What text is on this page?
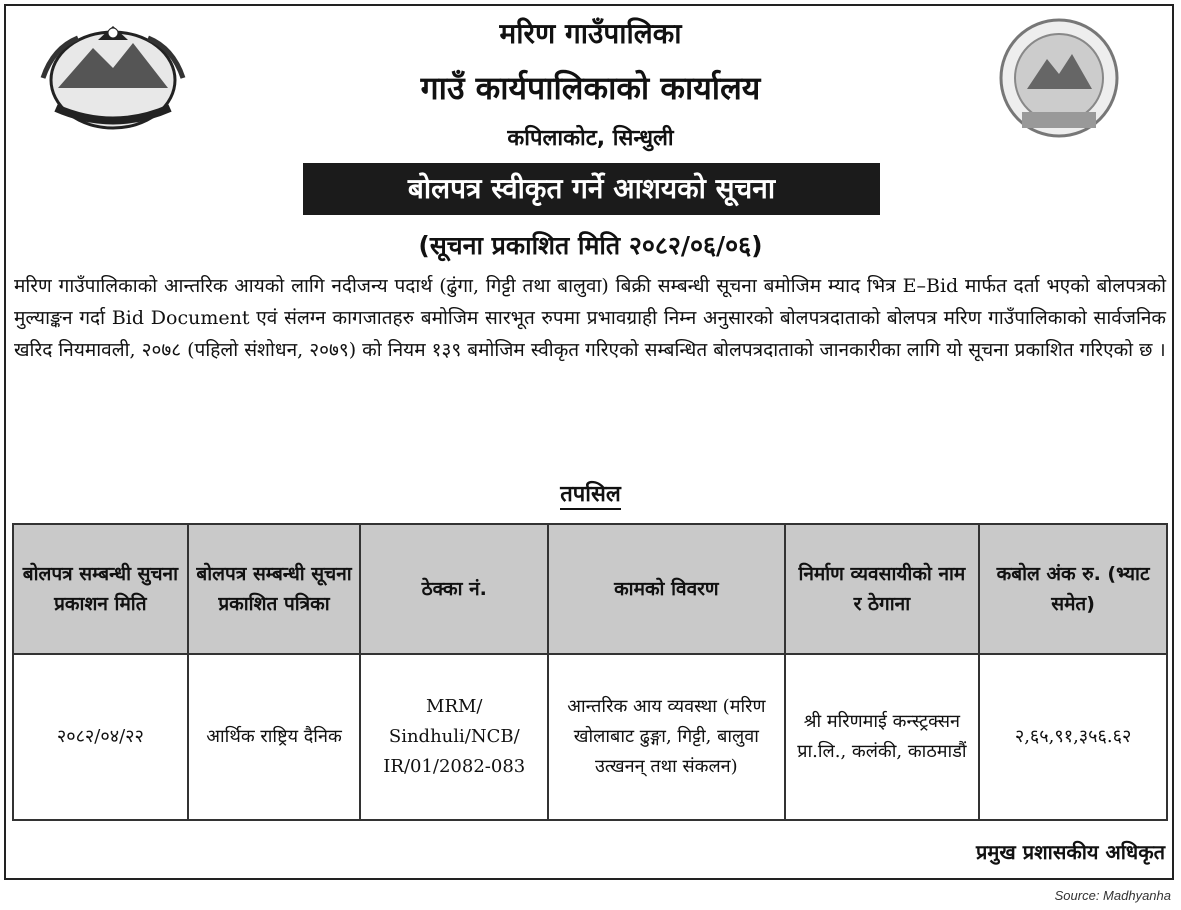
मरिण गाउँपालिका
गाउँ कार्यपालिकाको कार्यालय
कपिलाकोट, सिन्धुली
बोलपत्र स्वीकृत गर्ने आशयको सूचना
(सूचना प्रकाशित मिति २०८२/०६/०६)
मरिण गाउँपालिकाको आन्तरिक आयको लागि नदीजन्य पदार्थ (ढुंगा, गिट्टी तथा बालुवा) बिक्री सम्बन्धी सूचना बमोजिम म्याद भित्र E–Bid मार्फत दर्ता भएको बोलपत्रको मुल्याङ्कन गर्दा Bid Document एवं संलग्न कागजातहरु बमोजिम सारभूत रुपमा प्रभावग्राही निम्न अनुसारको बोलपत्रदाताको बोलपत्र मरिण गाउँपालिकाको सार्वजनिक खरिद नियमावली, २०७८ (पहिलो संशोधन, २०७९) को नियम १३९ बमोजिम स्वीकृत गरिएको सम्बन्धित बोलपत्रदाताको जानकारीका लागि यो सूचना प्रकाशित गरिएको छ ।
तपसिल
बोलपत्र सम्बन्धी सुचना प्रकाशन मिति	बोलपत्र सम्बन्धी सूचना प्रकाशित पत्रिका	ठेक्का नं.	कामको विवरण	निर्माण व्यवसायीको नाम र ठेगाना	कबोल अंक रु. (भ्याट समेत)
२०८२/०४/२२	आर्थिक राष्ट्रिय दैनिक	MRM/ Sindhuli/NCB/ IR/01/2082-083	आन्तरिक आय व्यवस्था (मरिण खोलाबाट ढुङ्गा, गिट्टी, बालुवा उत्खनन् तथा संकलन)	श्री मरिणमाई कन्स्ट्रक्सन प्रा.लि., कलंकी, काठमाडौं	२,६५,९१,३५६.६२
प्रमुख प्रशासकीय अधिकृत
Source: Madhyanha
